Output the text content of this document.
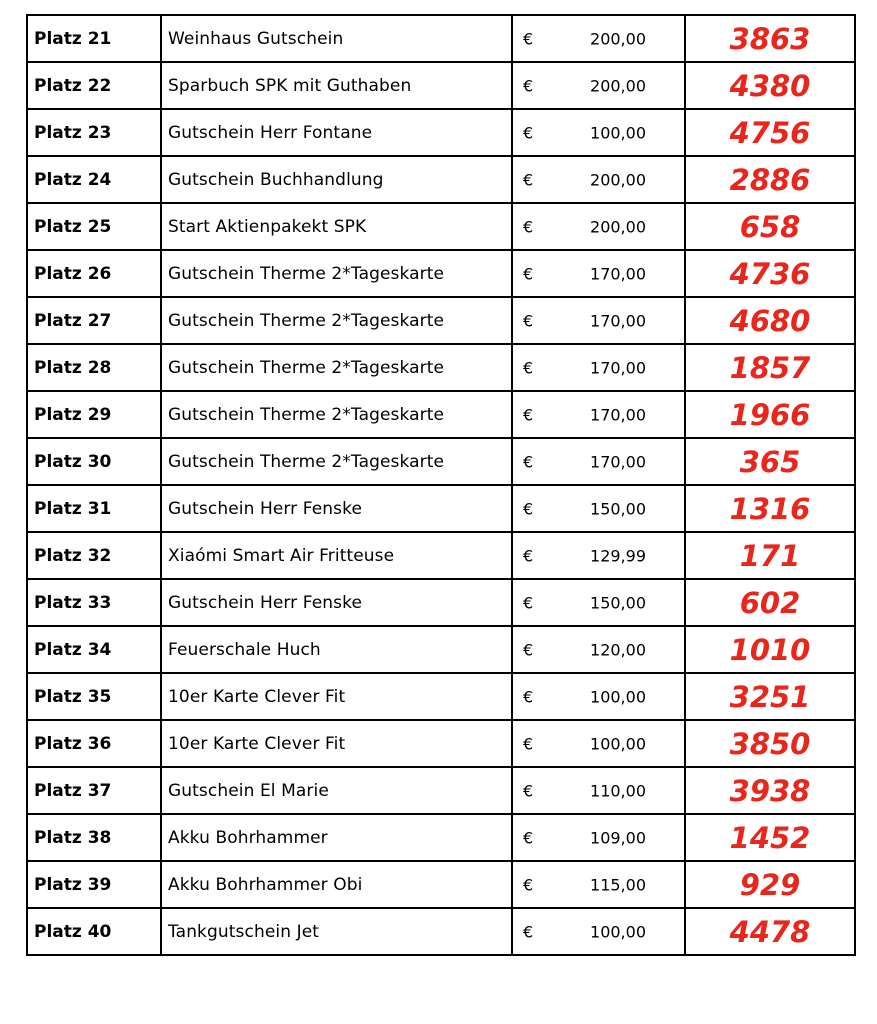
Platz 21	Weinhaus Gutschein	€ 200,00	3863
Platz 22	Sparbuch SPK mit Guthaben	€ 200,00	4380
Platz 23	Gutschein Herr Fontane	€ 100,00	4756
Platz 24	Gutschein Buchhandlung	€ 200,00	2886
Platz 25	Start Aktienpakekt SPK	€ 200,00	658
Platz 26	Gutschein Therme 2*Tageskarte	€ 170,00	4736
Platz 27	Gutschein Therme 2*Tageskarte	€ 170,00	4680
Platz 28	Gutschein Therme 2*Tageskarte	€ 170,00	1857
Platz 29	Gutschein Therme 2*Tageskarte	€ 170,00	1966
Platz 30	Gutschein Therme 2*Tageskarte	€ 170,00	365
Platz 31	Gutschein Herr Fenske	€ 150,00	1316
Platz 32	Xiaómi Smart Air Fritteuse	€ 129,99	171
Platz 33	Gutschein Herr Fenske	€ 150,00	602
Platz 34	Feuerschale Huch	€ 120,00	1010
Platz 35	10er Karte Clever Fit	€ 100,00	3251
Platz 36	10er Karte Clever Fit	€ 100,00	3850
Platz 37	Gutschein El Marie	€ 110,00	3938
Platz 38	Akku Bohrhammer	€ 109,00	1452
Platz 39	Akku Bohrhammer Obi	€ 115,00	929
Platz 40	Tankgutschein Jet	€ 100,00	4478
